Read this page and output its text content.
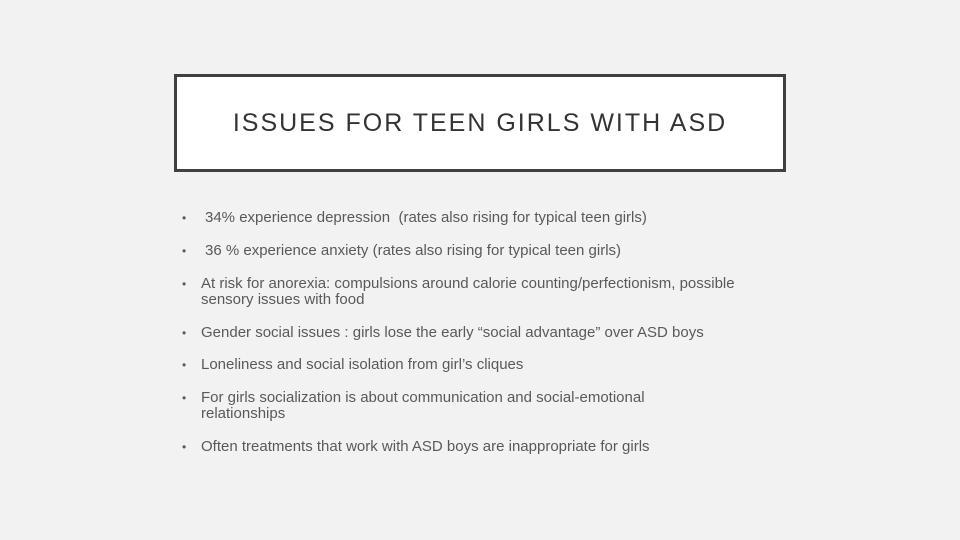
ISSUES FOR TEEN GIRLS WITH ASD
•	34% experience depression  (rates also rising for typical teen girls)
•	36 % experience anxiety (rates also rising for typical teen girls)
• At risk for anorexia: compulsions around calorie counting/perfectionism, possible sensory issues with food
• Gender social issues : girls lose the early “social advantage” over ASD boys
• Loneliness and social isolation from girl’s cliques
• For girls socialization is about communication and social-emotional relationships
• Often treatments that work with ASD boys are inappropriate for girls
